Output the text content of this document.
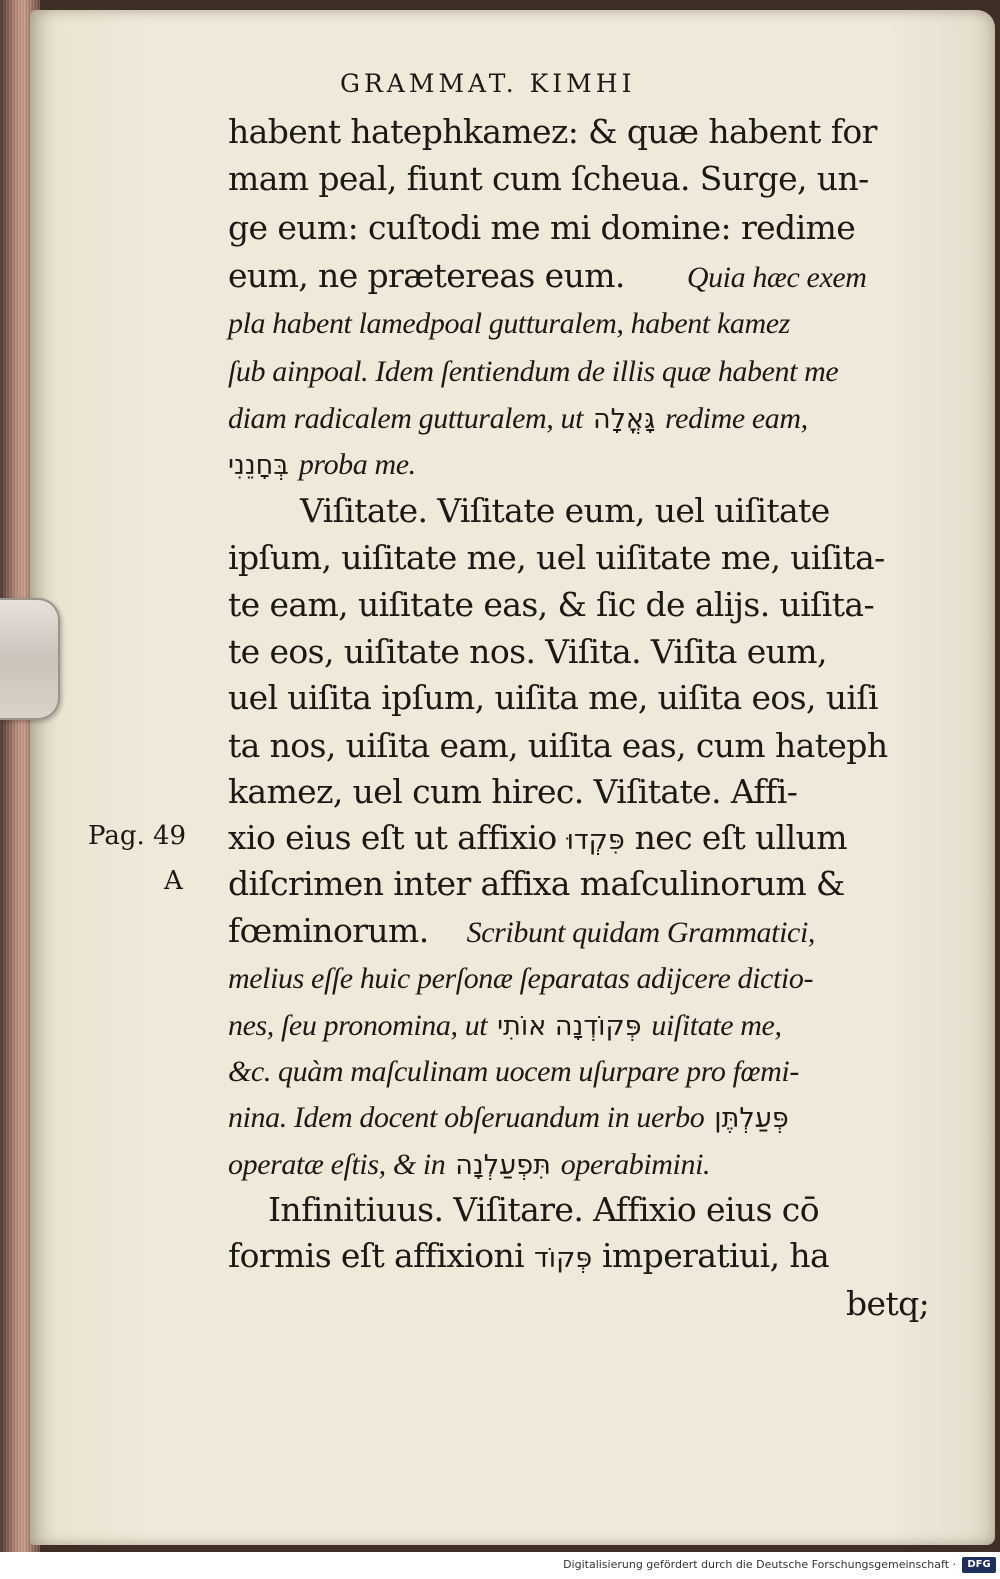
GRAMMAT. KIMHI

Pag. 49

A

habent hatephkamez: & quæ habent for

mam peal, fiunt cum ſcheua. Surge, un-

ge eum: cuſtodi me mi domine: redime

eum, ne prætereas eum. Quia hæc exem

pla habent lamedpoal gutturalem, habent kamez

ſub ainpoal. Idem ſentiendum de illis quæ habent me

diam radicalem gutturalem, ut גָּאֳלָה redime eam,

בְּחָנֵנִי proba me.

Viſitate. Viſitate eum, uel uiſitate

ipſum, uiſitate me, uel uiſitate me, uiſita-

te eam, uiſitate eas, & ſic de alijs. uiſita-

te eos, uiſitate nos. Viſita. Viſita eum,

uel uiſita ipſum, uiſita me, uiſita eos, uiſi

ta nos, uiſita eam, uiſita eas, cum hateph

kamez, uel cum hirec. Viſitate. Affi-

xio eius eſt ut affixio פִּקְדוּ nec eſt ullum

diſcrimen inter affixa maſculinorum &

fœminorum. Scribunt quidam Grammatici,

melius eſſe huic perſonæ ſeparatas adijcere dictio-

nes, ſeu pronomina, ut פְּקוֹדְנָה אוֹתִי uiſitate me,

&c. quàm maſculinam uocem uſurpare pro fœmi-

nina. Idem docent obſeruandum in uerbo פְּעַלְתֶּן

operatæ eſtis, & in תִּפְעַלְנָה operabimini.

Infinitiuus. Viſitare. Affixio eius cō

formis eſt affixioni פְּקוֹד imperatiui, ha

betq;

Digitalisierung gefördert durch die Deutsche Forschungsgemeinschaft ·	DFG
